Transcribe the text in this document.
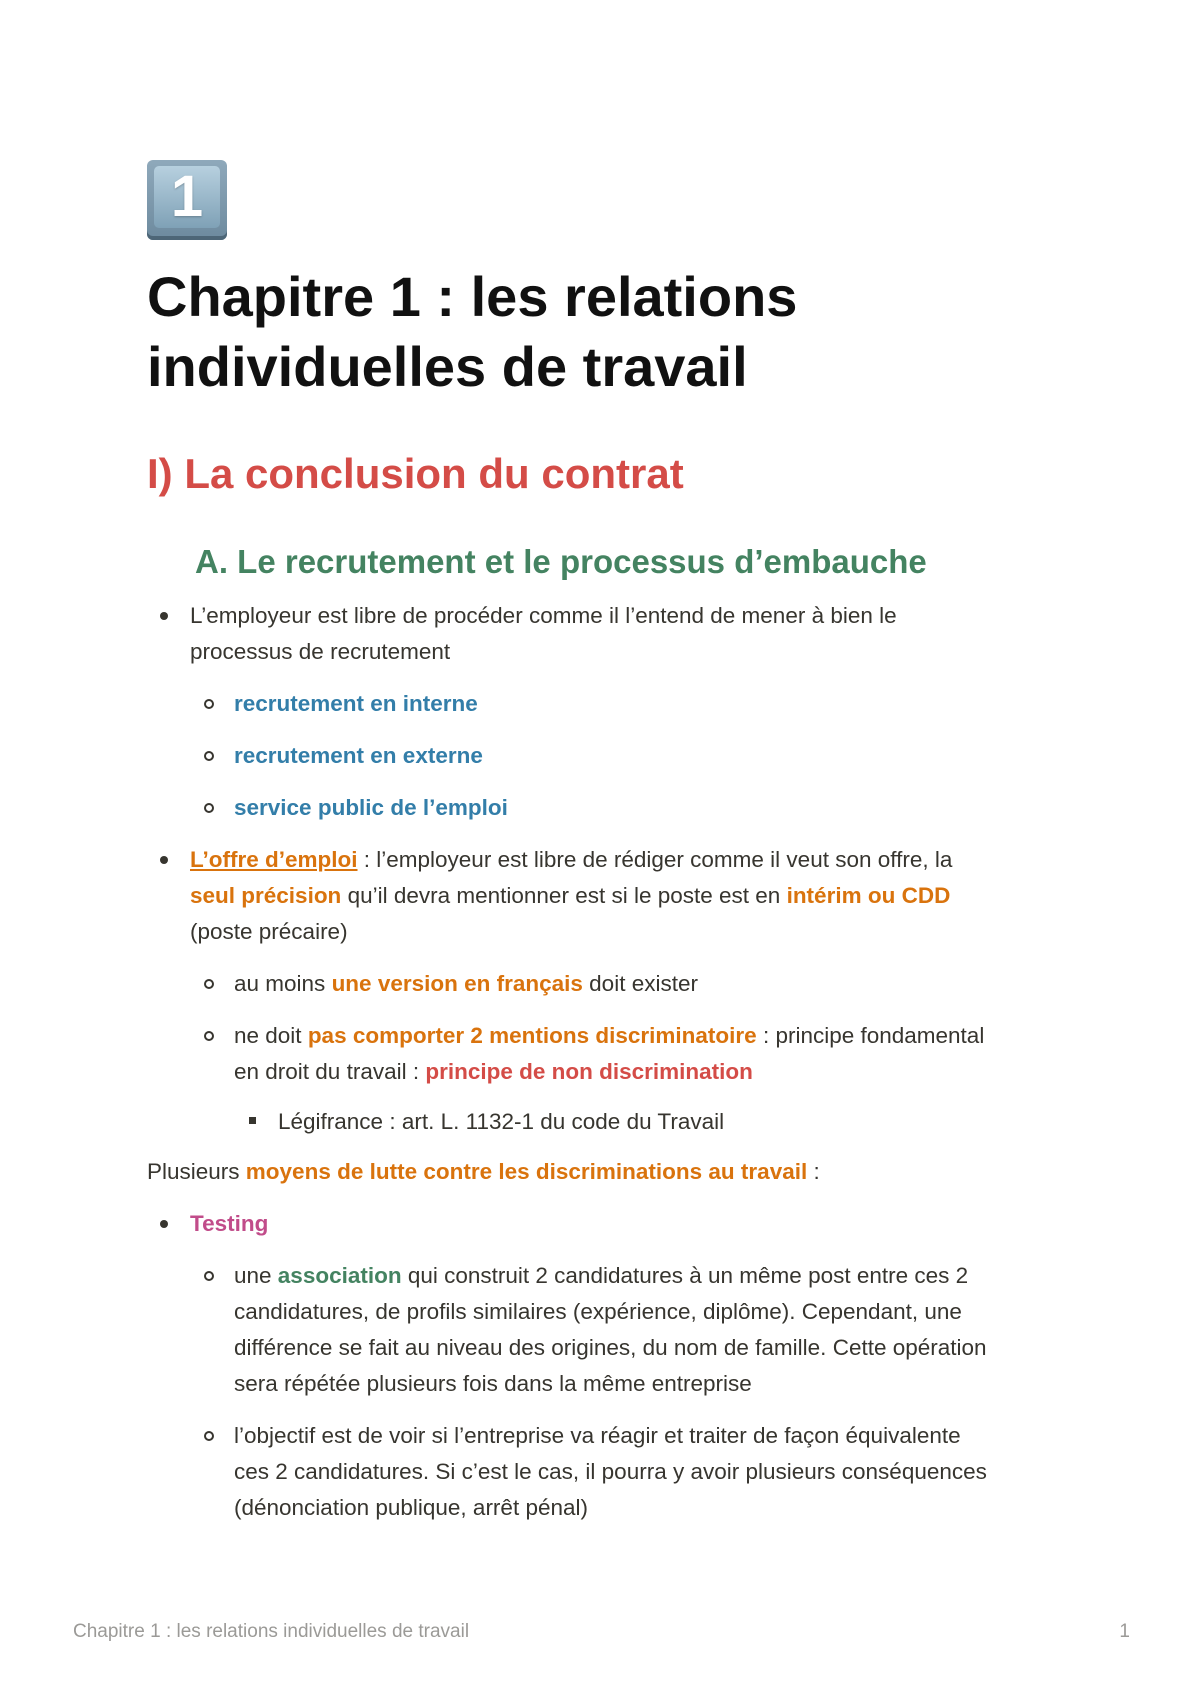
1
Chapitre 1 : les relations
individuelles de travail
I) La conclusion du contrat
A. Le recrutement et le processus d’embauche
L’employeur est libre de procéder comme il l’entend de mener à bien le
processus de recrutement
recrutement en interne
recrutement en externe
service public de l’emploi
L’offre d’emploi : l’employeur est libre de rédiger comme il veut son offre, la
seul précision qu’il devra mentionner est si le poste est en intérim ou CDD
(poste précaire)
au moins une version en français doit exister
ne doit pas comporter 2 mentions discriminatoire : principe fondamental
en droit du travail : principe de non discrimination
Légifrance : art. L. 1132-1 du code du Travail
Plusieurs moyens de lutte contre les discriminations au travail :
Testing
une association qui construit 2 candidatures à un même post entre ces 2
candidatures, de profils similaires (expérience, diplôme). Cependant, une
différence se fait au niveau des origines, du nom de famille. Cette opération
sera répétée plusieurs fois dans la même entreprise
l’objectif est de voir si l’entreprise va réagir et traiter de façon équivalente
ces 2 candidatures. Si c’est le cas, il pourra y avoir plusieurs conséquences
(dénonciation publique, arrêt pénal)
Chapitre 1 : les relations individuelles de travail	1
